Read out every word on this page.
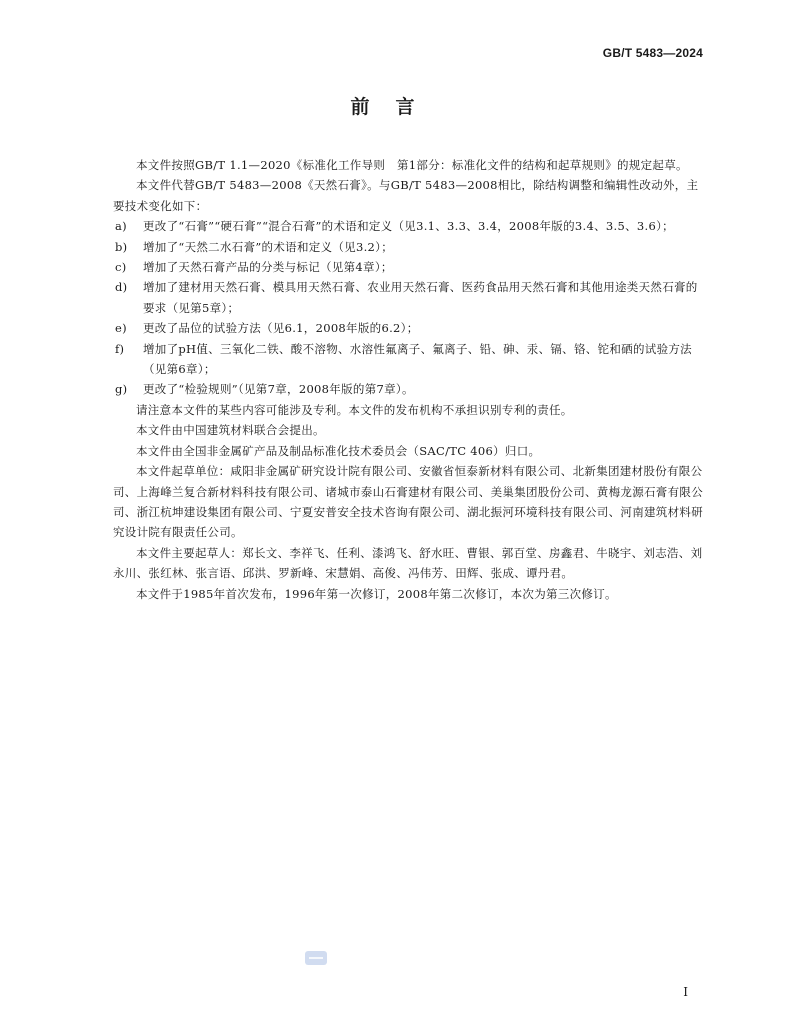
GB/T 5483—2024
前言

本文件按照GB/T 1.1—2020《标准化工作导则　第1部分：标准化文件的结构和起草规则》的规定起草。

本文件代替GB/T 5483—2008《天然石膏》。与GB/T 5483—2008相比，除结构调整和编辑性改动外，主要技术变化如下：

a)	更改了“石膏”“硬石膏”“混合石膏”的术语和定义（见3.1、3.3、3.4，2008年版的3.4、3.5、3.6）；
b)	增加了“天然二水石膏”的术语和定义（见3.2）；
c)	增加了天然石膏产品的分类与标记（见第4章）；
d)	增加了建材用天然石膏、模具用天然石膏、农业用天然石膏、医药食品用天然石膏和其他用途类天然石膏的要求（见第5章）；
e)	更改了品位的试验方法（见6.1，2008年版的6.2）；
f)	增加了pH值、三氧化二铁、酸不溶物、水溶性氟离子、氟离子、铅、砷、汞、镉、铬、铊和硒的试验方法（见第6章）；
g)	更改了“检验规则”（见第7章，2008年版的第7章）。

请注意本文件的某些内容可能涉及专利。本文件的发布机构不承担识别专利的责任。

本文件由中国建筑材料联合会提出。

本文件由全国非金属矿产品及制品标准化技术委员会（SAC/TC 406）归口。

本文件起草单位：咸阳非金属矿研究设计院有限公司、安徽省恒泰新材料有限公司、北新集团建材股份有限公司、上海峰兰复合新材料科技有限公司、诸城市泰山石膏建材有限公司、美巢集团股份公司、黄梅龙源石膏有限公司、浙江杭坤建设集团有限公司、宁夏安普安全技术咨询有限公司、湖北振河环境科技有限公司、河南建筑材料研究设计院有限责任公司。

本文件主要起草人：郑长文、李祥飞、任利、漆鸿飞、舒水旺、曹银、郭百堂、房鑫君、牛晓宇、刘志浩、刘永川、张红林、张言语、邱洪、罗新峰、宋慧娟、高俊、冯伟芳、田辉、张成、谭丹君。

本文件于1985年首次发布，1996年第一次修订，2008年第二次修订，本次为第三次修订。

I
